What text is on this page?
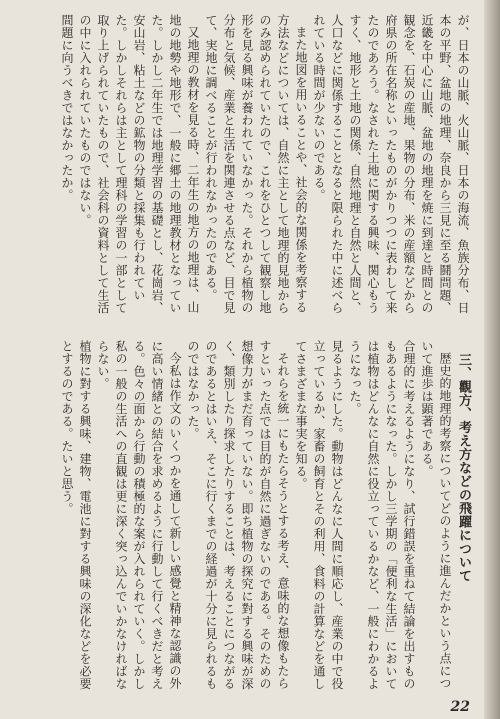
が、日本の山脈、火山脈、日本の海流、魚族分布、日本の平野、盆地の地理、奈良から三見に至る鬪問題、近畿を中心に山脈、盆地の地理を焼に到達と時間との観念を、石炭の産地、果物の分布、米の産額などから府県の所在名称といったものがかりつつに表わして来たのであろう。なされた土地に関する興味、関心もうすく、地形と土地の関係、自然地理と自然と人間と、人口などに関係することとなると限られた中に述べられている時間が少ないのである。

また地図を用いることや、社会的な関係を考察する方法などについては、自然に主として地理的見地からのみ認められていたので、これをひとつして観察し地形を見る興味が養われていなかった。それから植物の分布と気候、産業と生活を関連させる点など、目で見て、実地に調べることが行われなかったのである。

又地理の教材を見る時、二年生の地方の地理は、山地の地勢や地形で、一般に郷土の地理教材となっていた。しかし二年生では地理学習の基礎とし、花崗岩、安山岩、粘土などの鉱物の分類と採集も行われていた。しかしそれらは主として理科の学習の一部として取り上げられていたもので、社会科の資料として生活の中に入れられていたものではない。

間題に向うべきではなかったか。

三、觀方、考え方などの飛躍について

歴史的地理的考察についてどのように進んだかという点について進歩は顕著である。

合理的に考えるようになり、試行錯誤を重ねて結論を出すものもあるようになった。しかし三学期の「便利な生活」においては植物はどんなに自然に役立っているかなど、一般にわかるようになった。

見るようにした。動物はどんなに人間に順応し、産業の中で役立っているか、家畜の飼育とその利用、食料の計算などを通してさまざまな事実を知る。

それらを統一にもたらそうとする考え、意味的な想像もたらすといった点では目的が自然に過ぎないのである。そのための想像力がまだ育っていない。即ち植物の探究に對する興味が深く、類別したり探求したりすることは、考えることにつながるのであるとはいえ、そこに行くまでの経過が十分に見られるものではなかった。

今私は作文のいくつかを通して新しい感覺と精神な認識の外に高い情緒との結合を求めるように行動して行くべきだと考える。色々の面から行動の積極的な案が入れられていく。しかし私の一般の生活への直観は更に深く突っ込んでいかなければならない。

植物に對する興味、建物、電池に對する興味の深化などを必要とするのである。たいと思う。

22
